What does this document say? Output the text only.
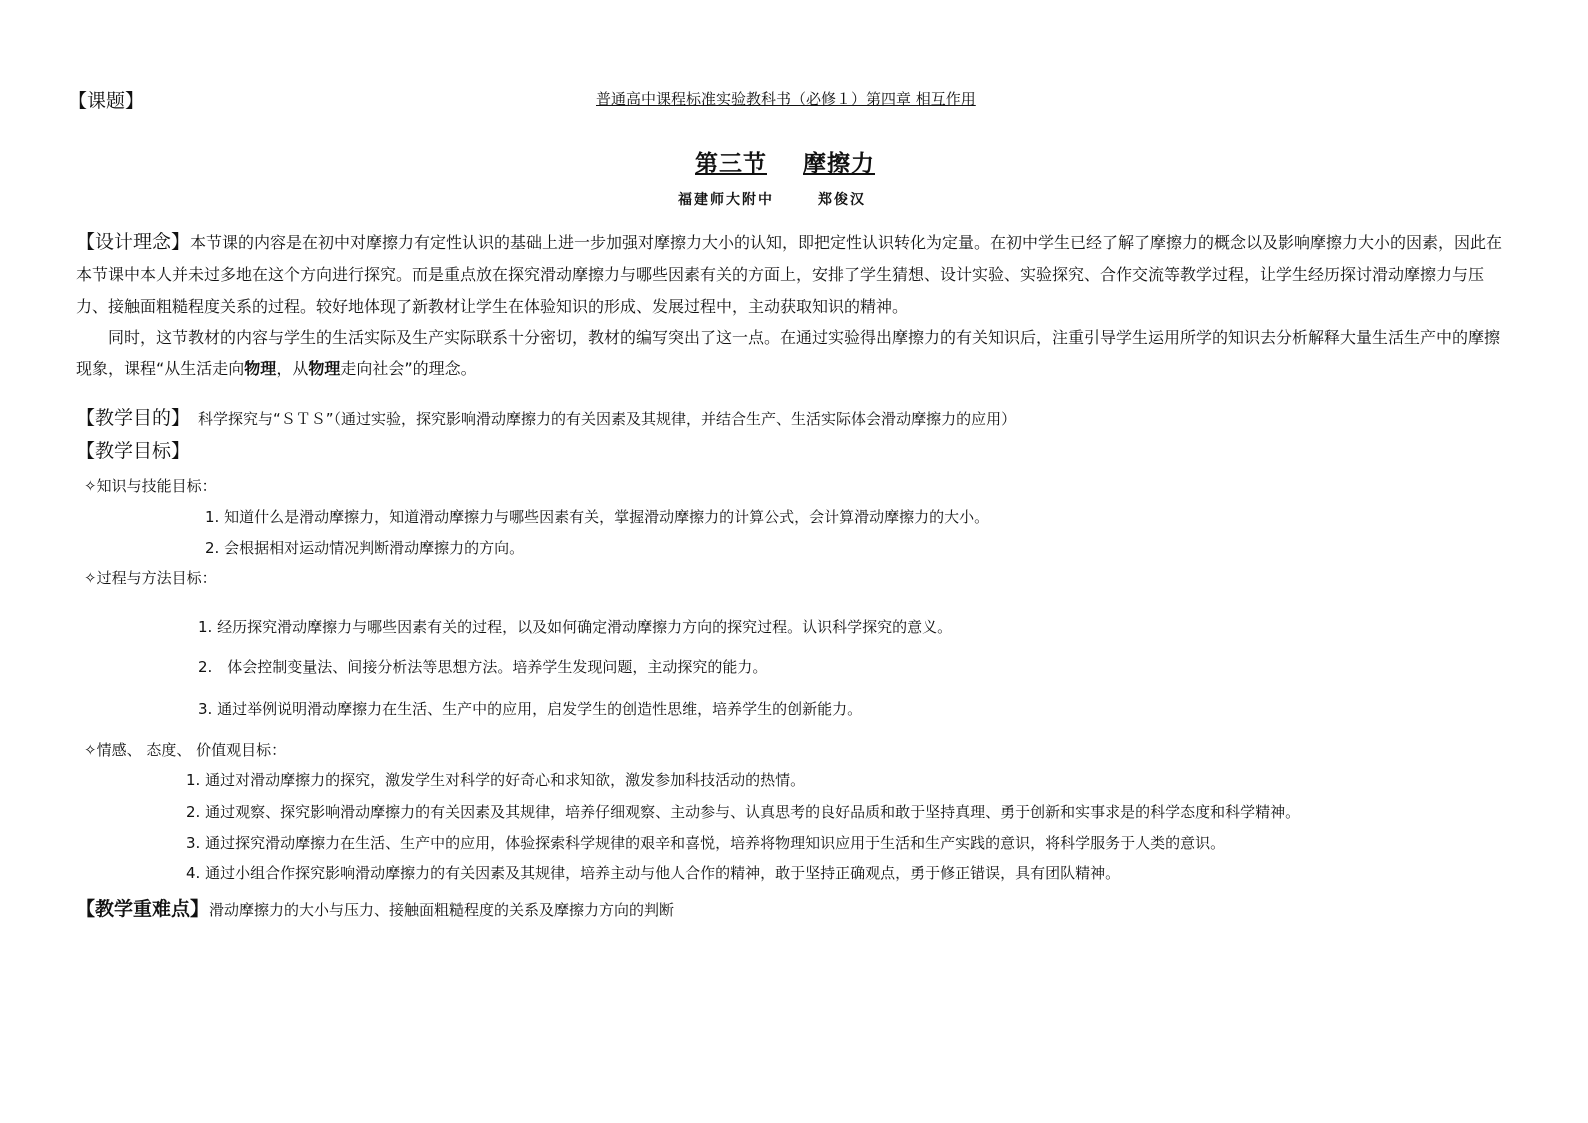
【课题】	普通高中课程标准实验教科书（必修１）第四章 相互作用
第三节 摩擦力
福建师大附中	郑俊汉
【设计理念】本节课的内容是在初中对摩擦力有定性认识的基础上进一步加强对摩擦力大小的认知，即把定性认识转化为定量。在初中学生已经了解了摩擦力的概念以及影响摩擦力大小的因素，因此在
本节课中本人并未过多地在这个方向进行探究。而是重点放在探究滑动摩擦力与哪些因素有关的方面上，安排了学生猜想、设计实验、实验探究、合作交流等教学过程，让学生经历探讨滑动摩擦力与压
力、接触面粗糙程度关系的过程。较好地体现了新教材让学生在体验知识的形成、发展过程中，主动获取知识的精神。
同时，这节教材的内容与学生的生活实际及生产实际联系十分密切，教材的编写突出了这一点。在通过实验得出摩擦力的有关知识后，注重引导学生运用所学的知识去分析解释大量生活生产中的摩擦
现象，课程“从生活走向物理，从物理走向社会”的理念。
【教学目的】 科学探究与“ＳＴＳ”（通过实验，探究影响滑动摩擦力的有关因素及其规律，并结合生产、生活实际体会滑动摩擦力的应用）
【教学目标】
✧知识与技能目标：
1. 知道什么是滑动摩擦力，知道滑动摩擦力与哪些因素有关，掌握滑动摩擦力的计算公式，会计算滑动摩擦力的大小。
2. 会根据相对运动情况判断滑动摩擦力的方向。
✧过程与方法目标：
1. 经历探究滑动摩擦力与哪些因素有关的过程，以及如何确定滑动摩擦力方向的探究过程。认识科学探究的意义。
2.　体会控制变量法、间接分析法等思想方法。培养学生发现问题，主动探究的能力。
3. 通过举例说明滑动摩擦力在生活、生产中的应用，启发学生的创造性思维，培养学生的创新能力。
✧情感、 态度、 价值观目标：
1. 通过对滑动摩擦力的探究，激发学生对科学的好奇心和求知欲，激发参加科技活动的热情。
2. 通过观察、探究影响滑动摩擦力的有关因素及其规律，培养仔细观察、主动参与、认真思考的良好品质和敢于坚持真理、勇于创新和实事求是的科学态度和科学精神。
3. 通过探究滑动摩擦力在生活、生产中的应用，体验探索科学规律的艰辛和喜悦，培养将物理知识应用于生活和生产实践的意识，将科学服务于人类的意识。
4. 通过小组合作探究影响滑动摩擦力的有关因素及其规律，培养主动与他人合作的精神，敢于坚持正确观点，勇于修正错误，具有团队精神。
【教学重难点】滑动摩擦力的大小与压力、接触面粗糙程度的关系及摩擦力方向的判断
